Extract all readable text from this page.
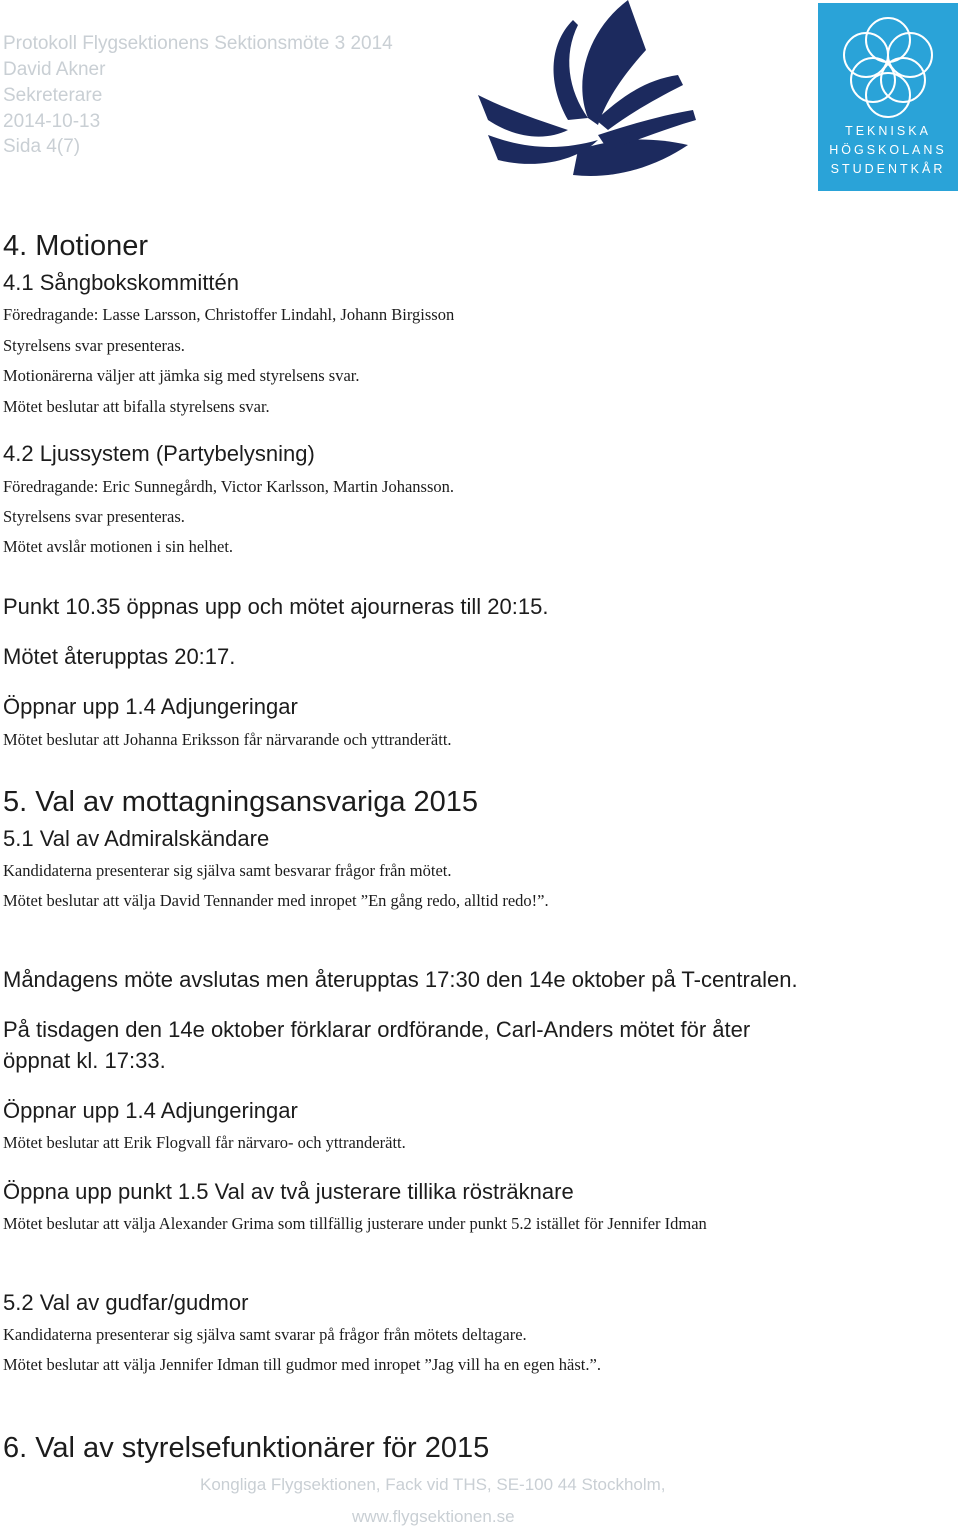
Protokoll Flygsektionens Sektionsmöte 3 2014
David Akner
Sekreterare
2014-10-13
Sida 4(7)
TEKNISKA
HÖGSKOLANS
STUDENTKÅR
4. Motioner
4.1 Sångbokskommittén
Föredragande: Lasse Larsson, Christoffer Lindahl, Johann Birgisson
Styrelsens svar presenteras.
Motionärerna väljer att jämka sig med styrelsens svar.
Mötet beslutar att bifalla styrelsens svar.
4.2 Ljussystem (Partybelysning)
Föredragande: Eric Sunnegårdh, Victor Karlsson, Martin Johansson.
Styrelsens svar presenteras.
Mötet avslår motionen i sin helhet.
Punkt 10.35 öppnas upp och mötet ajourneras till 20:15.
Mötet återupptas 20:17.
Öppnar upp 1.4 Adjungeringar
Mötet beslutar att Johanna Eriksson får närvarande och yttranderätt.
5. Val av mottagningsansvariga 2015
5.1 Val av Admiralskändare
Kandidaterna presenterar sig själva samt besvarar frågor från mötet.
Mötet beslutar att välja David Tennander med inropet ”En gång redo, alltid redo!”.
Måndagens möte avslutas men återupptas 17:30 den 14e oktober på T-centralen.
På tisdagen den 14e oktober förklarar ordförande, Carl-Anders mötet för åter
öppnat kl. 17:33.
Öppnar upp 1.4 Adjungeringar
Mötet beslutar att Erik Flogvall får närvaro- och yttranderätt.
Öppna upp punkt 1.5 Val av två justerare tillika rösträknare
Mötet beslutar att välja Alexander Grima som tillfällig justerare under punkt 5.2 istället för Jennifer Idman
5.2 Val av gudfar/gudmor
Kandidaterna presenterar sig själva samt svarar på frågor från mötets deltagare.
Mötet beslutar att välja Jennifer Idman till gudmor med inropet ”Jag vill ha en egen häst.”.
6. Val av styrelsefunktionärer för 2015
Kongliga Flygsektionen, Fack vid THS, SE-100 44 Stockholm,
www.flygsektionen.se
